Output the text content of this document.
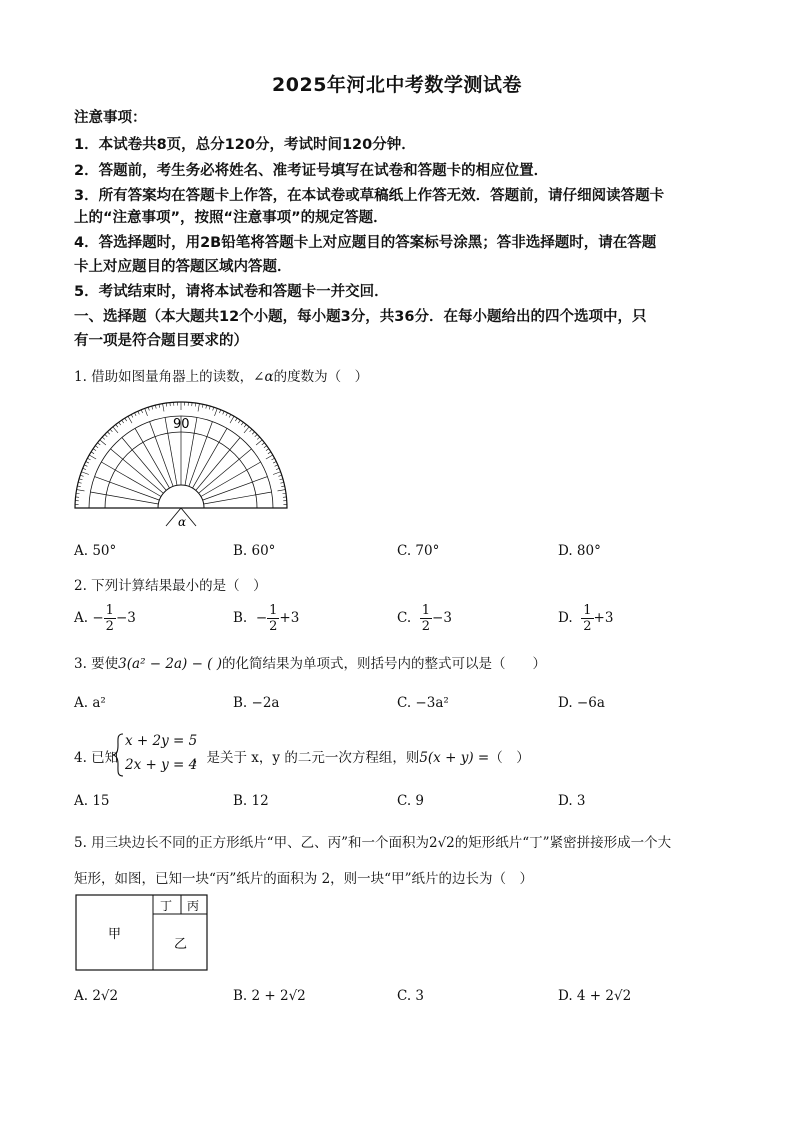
2025年河北中考数学测试卷
注意事项：
1．本试卷共8页，总分120分，考试时间120分钟．
2．答题前，考生务必将姓名、准考证号填写在试卷和答题卡的相应位置．
3．所有答案均在答题卡上作答，在本试卷或草稿纸上作答无效．答题前，请仔细阅读答题卡
上的“注意事项”，按照“注意事项”的规定答题．
4．答选择题时，用2B铅笔将答题卡上对应题目的答案标号涂黑；答非选择题时，请在答题
卡上对应题目的答题区域内答题．
5．考试结束时，请将本试卷和答题卡一并交回．
一、选择题（本大题共12个小题，每小题3分，共36分．在每小题给出的四个选项中，只
有一项是符合题目要求的）
1. 借助如图量角器上的读数，∠α的度数为（　）
90
α
A. 50°	B. 60°	C. 70°	D. 80°
2. 下列计算结果最小的是（　）
A. − $\frac{1}{2} -3$	B. − $\frac{1}{2} +3$	C. $\frac{1}{2} -3$	D. $\frac{1}{2} +3$
3. 要使3(a² − 2a) − ( )的化简结果为单项式，则括号内的整式可以是（　　）
A. a²	B. −2a	C. −3a²	D. −6a
4. 已知
x + 2y = 5
2x + y = 4
，是关于 x，y 的二元一次方程组，则5(x + y) =（　）
A. 15	B. 12	C. 9	D. 3
5. 用三块边长不同的正方形纸片“甲、乙、丙”和一个面积为2√2的矩形纸片“丁”紧密拼接形成一个大
矩形，如图，已知一块“丙”纸片的面积为 2，则一块“甲”纸片的边长为（　）
甲
乙
丁 丙
A. 2√2	B. 2 + 2√2	C. 3	D. 4 + 2√2
